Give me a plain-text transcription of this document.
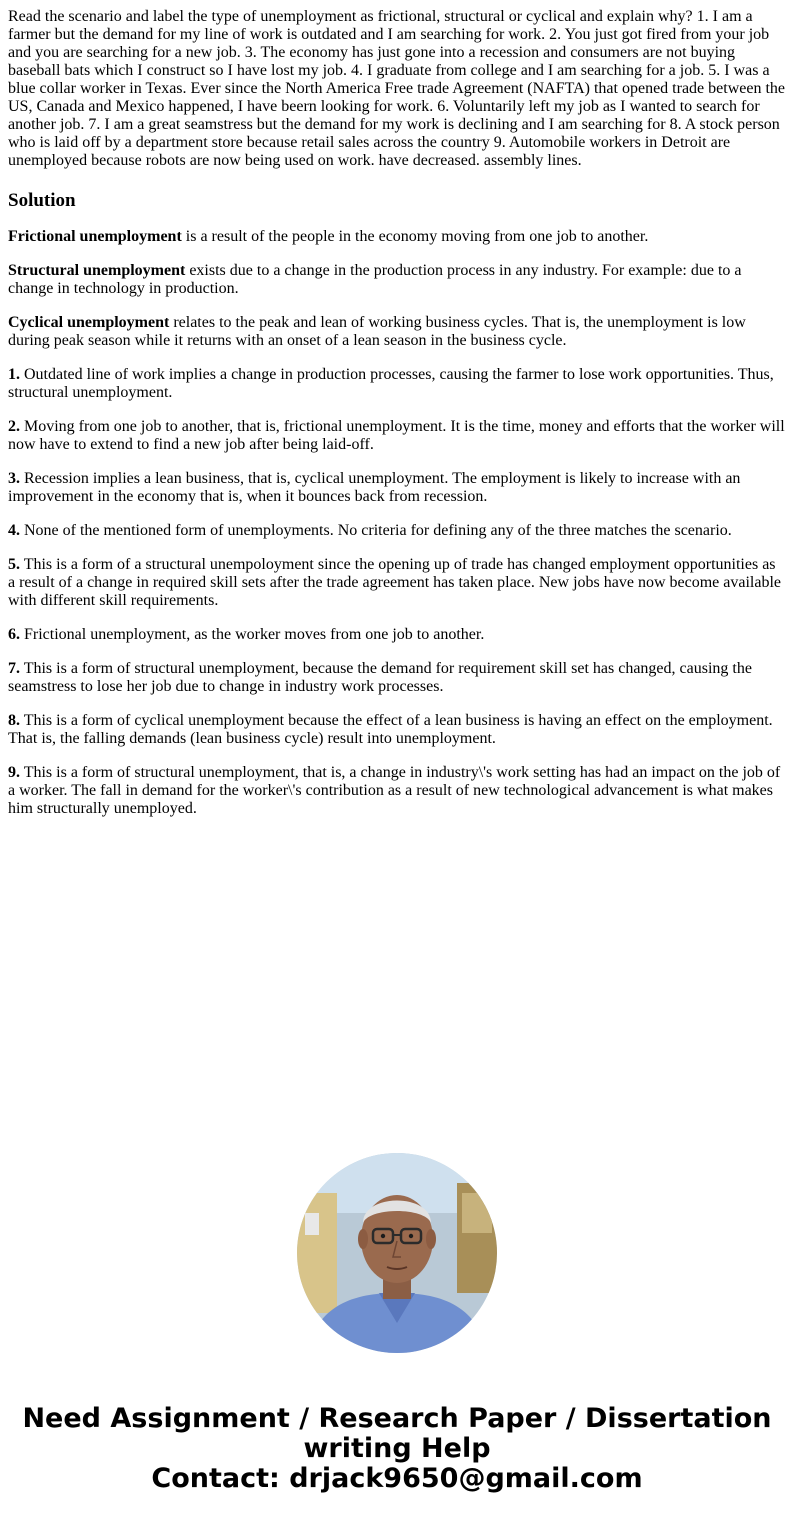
Read the scenario and label the type of unemployment as frictional, structural or cyclical and explain why? 1. I am a farmer but the demand for my line of work is outdated and I am searching for work. 2. You just got fired from your job and you are searching for a new job. 3. The economy has just gone into a recession and consumers are not buying baseball bats which I construct so I have lost my job. 4. I graduate from college and I am searching for a job. 5. I was a blue collar worker in Texas. Ever since the North America Free trade Agreement (NAFTA) that opened trade between the US, Canada and Mexico happened, I have beern looking for work. 6. Voluntarily left my job as I wanted to search for another job. 7. I am a great seamstress but the demand for my work is declining and I am searching for 8. A stock person who is laid off by a department store because retail sales across the country 9. Automobile workers in Detroit are unemployed because robots are now being used on work. have decreased. assembly lines.

Solution

Frictional unemployment is a result of the people in the economy moving from one job to another.

Structural unemployment exists due to a change in the production process in any industry. For example: due to a change in technology in production.

Cyclical unemployment relates to the peak and lean of working business cycles. That is, the unemployment is low during peak season while it returns with an onset of a lean season in the business cycle.

1. Outdated line of work implies a change in production processes, causing the farmer to lose work opportunities. Thus, structural unemployment.

2. Moving from one job to another, that is, frictional unemployment. It is the time, money and efforts that the worker will now have to extend to find a new job after being laid-off.

3. Recession implies a lean business, that is, cyclical unemployment. The employment is likely to increase with an improvement in the economy that is, when it bounces back from recession.

4. None of the mentioned form of unemployments. No criteria for defining any of the three matches the scenario.

5. This is a form of a structural unempoloyment since the opening up of trade has changed employment opportunities as a result of a change in required skill sets after the trade agreement has taken place. New jobs have now become available with different skill requirements.

6. Frictional unemployment, as the worker moves from one job to another.

7. This is a form of structural unemployment, because the demand for requirement skill set has changed, causing the seamstress to lose her job due to change in industry work processes.

8. This is a form of cyclical unemployment because the effect of a lean business is having an effect on the employment. That is, the falling demands (lean business cycle) result into unemployment.

9. This is a form of structural unemployment, that is, a change in industry\'s work setting has had an impact on the job of a worker. The fall in demand for the worker\'s contribution as a result of new technological advancement is what makes him structurally unemployed.

Need Assignment / Research Paper / Dissertation
writing Help
Contact: drjack9650@gmail.com
